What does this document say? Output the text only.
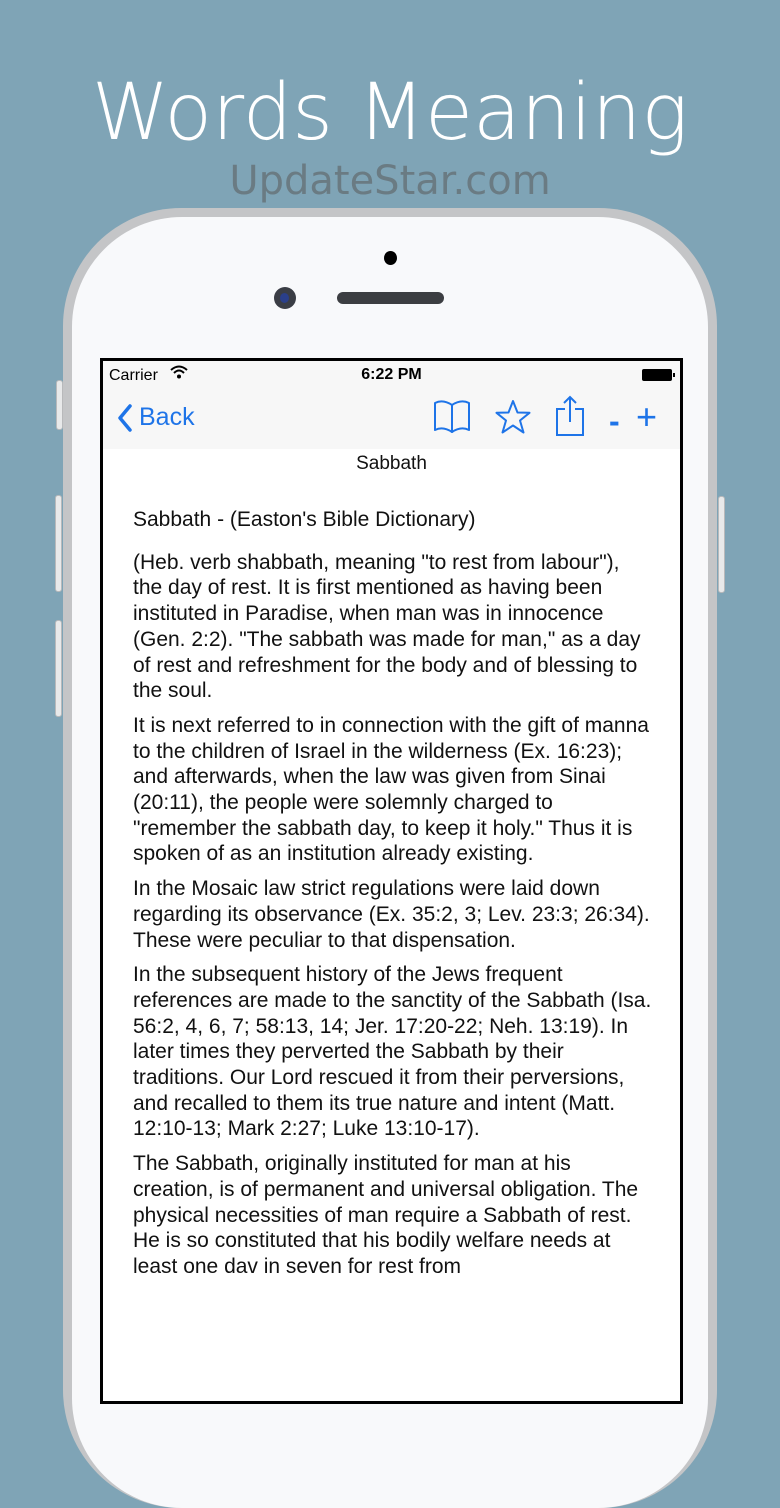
Words Meaning
Carrier	6:22 PM
Back	- +
Sabbath

Sabbath - (Easton's Bible Dictionary)

(Heb. verb shabbath, meaning "to rest from labour"), the day of rest. It is first mentioned as having been instituted in Paradise, when man was in innocence (Gen. 2:2). "The sabbath was made for man," as a day of rest and refreshment for the body and of blessing to the soul.

It is next referred to in connection with the gift of manna to the children of Israel in the wilderness (Ex. 16:23); and afterwards, when the law was given from Sinai (20:11), the people were solemnly charged to "remember the sabbath day, to keep it holy." Thus it is spoken of as an institution already existing.

In the Mosaic law strict regulations were laid down regarding its observance (Ex. 35:2, 3; Lev. 23:3; 26:34). These were peculiar to that dispensation.

In the subsequent history of the Jews frequent references are made to the sanctity of the Sabbath (Isa. 56:2, 4, 6, 7; 58:13, 14; Jer. 17:20-22; Neh. 13:19). In later times they perverted the Sabbath by their traditions. Our Lord rescued it from their perversions, and recalled to them its true nature and intent (Matt. 12:10-13; Mark 2:27; Luke 13:10-17).

The Sabbath, originally instituted for man at his creation, is of permanent and universal obligation. The physical necessities of man require a Sabbath of rest. He is so constituted that his bodily welfare needs at least one dav in seven for rest from

UpdateStar.com
